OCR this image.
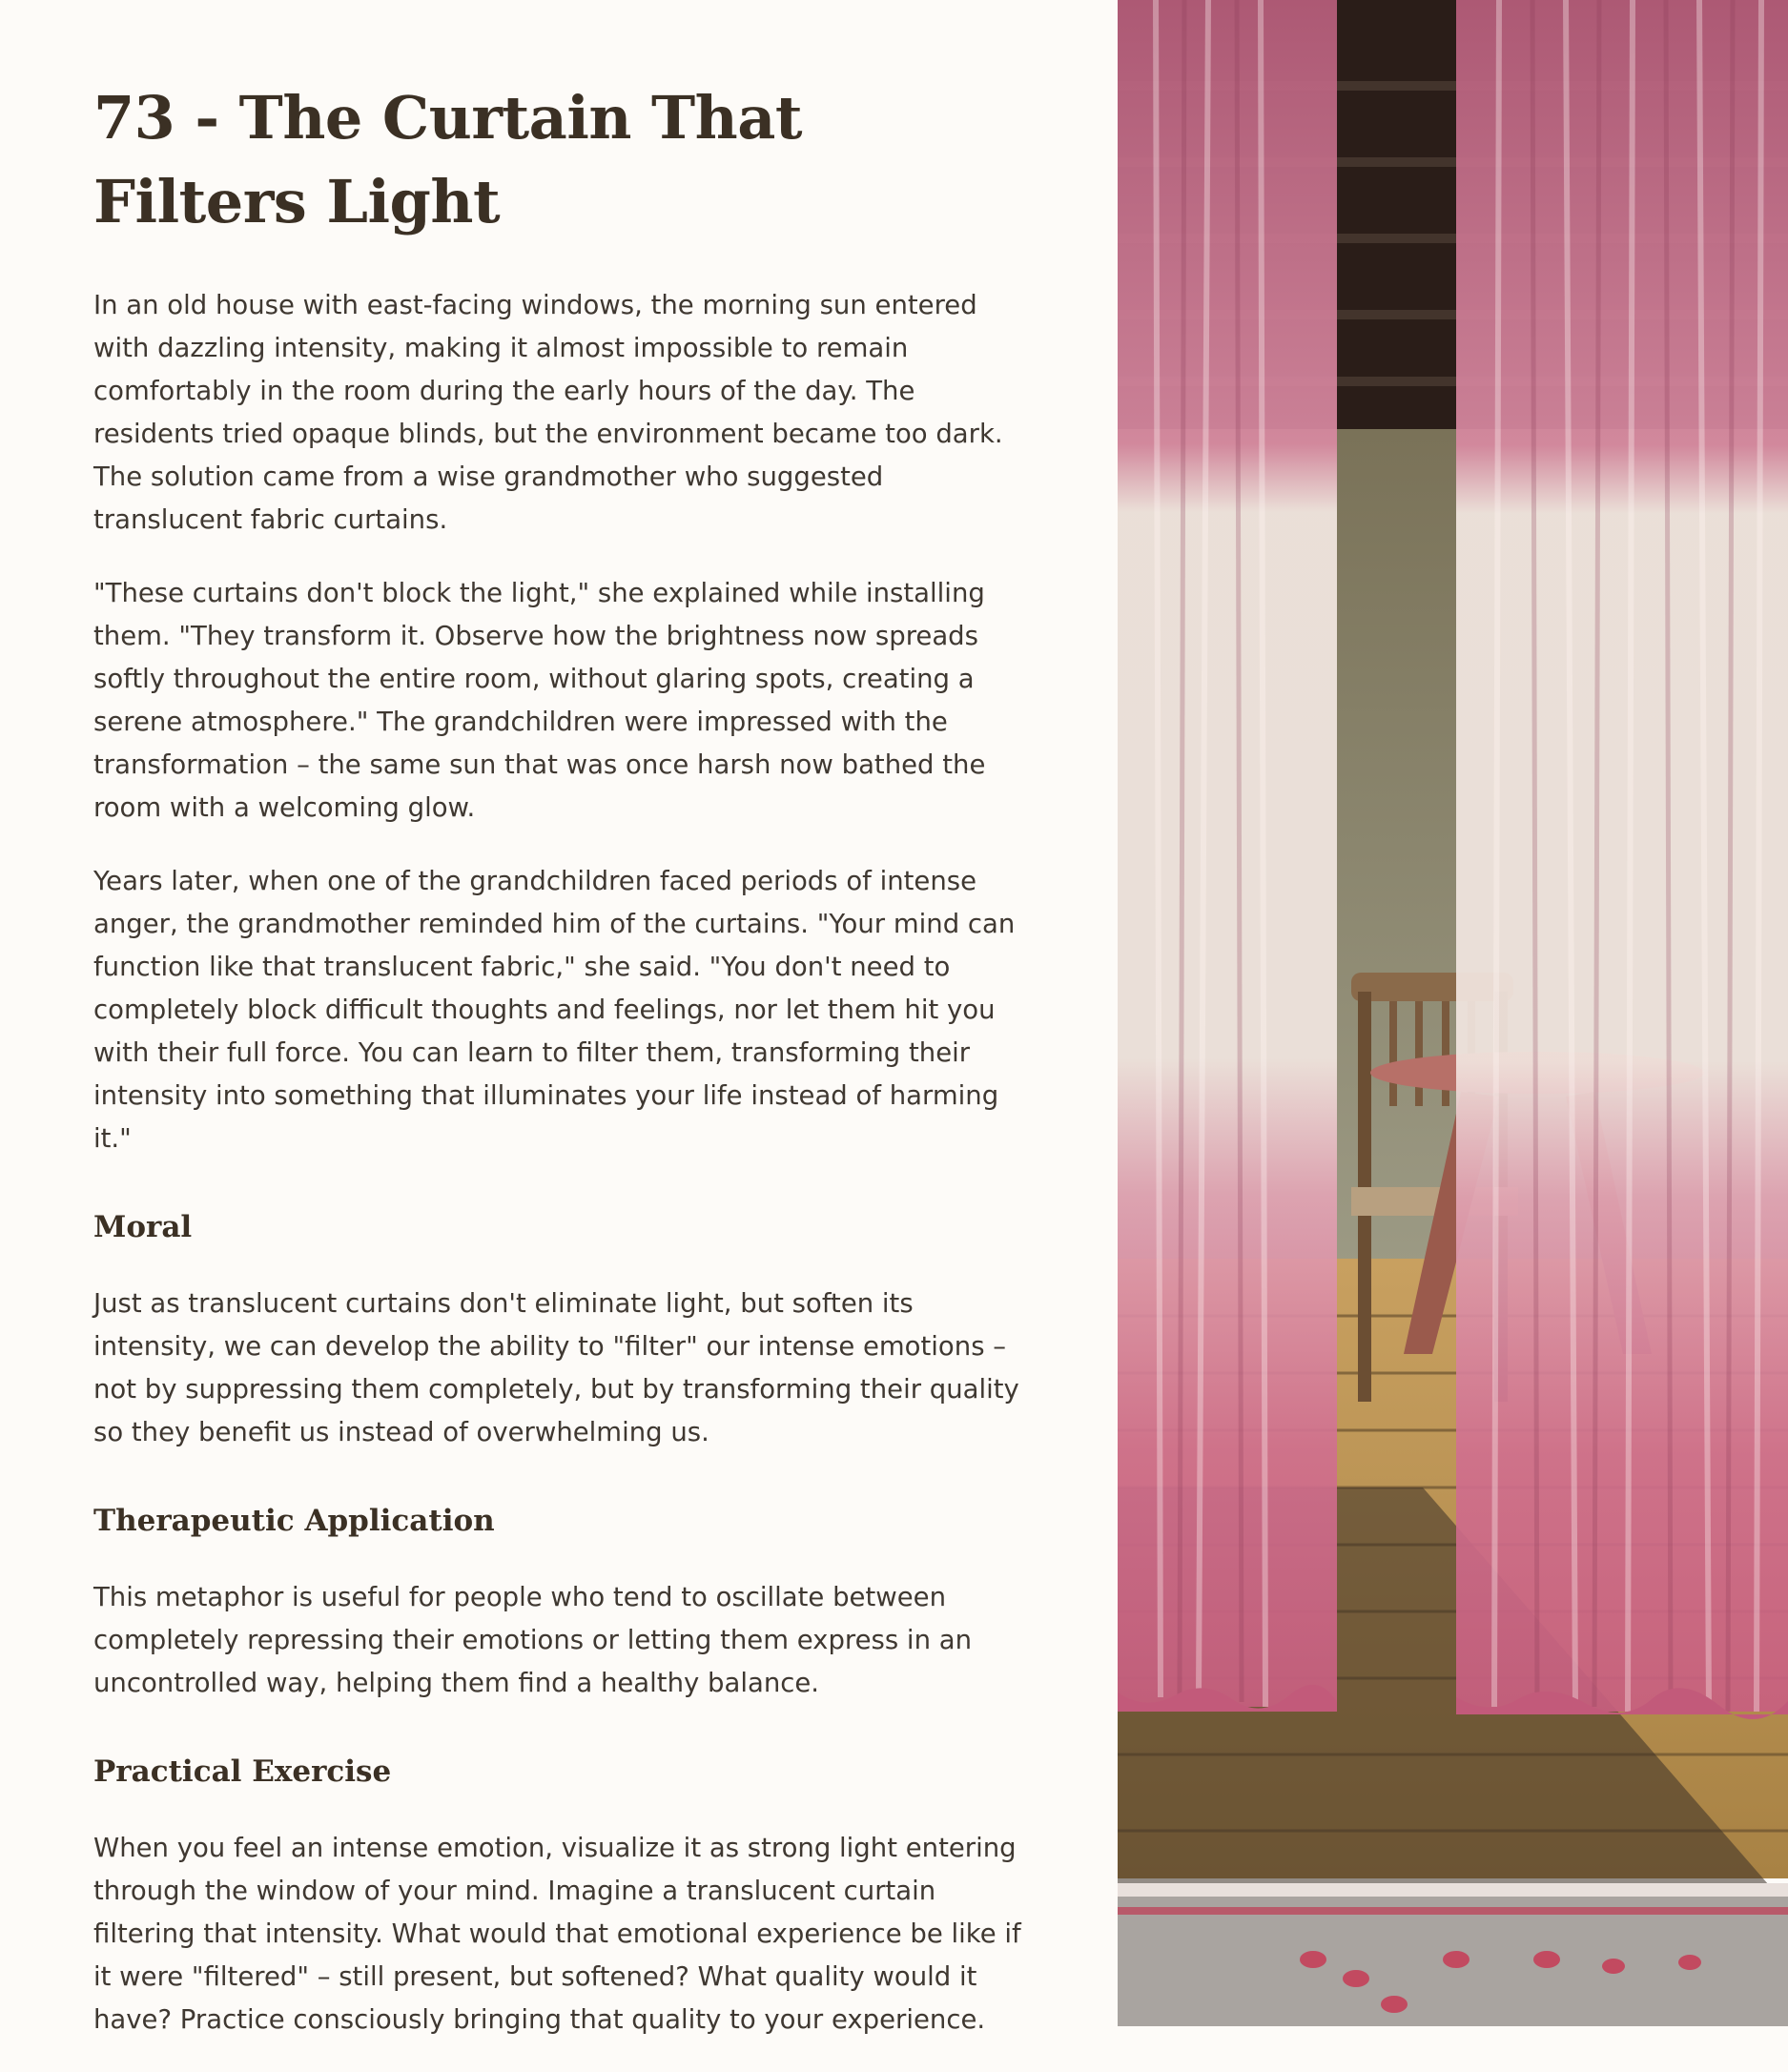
73 - The Curtain That Filters Light

In an old house with east-facing windows, the morning sun entered with dazzling intensity, making it almost impossible to remain comfortably in the room during the early hours of the day. The residents tried opaque blinds, but the environment became too dark. The solution came from a wise grandmother who suggested translucent fabric curtains.

"These curtains don't block the light," she explained while installing them. "They transform it. Observe how the brightness now spreads softly throughout the entire room, without glaring spots, creating a serene atmosphere." The grandchildren were impressed with the transformation – the same sun that was once harsh now bathed the room with a welcoming glow.

Years later, when one of the grandchildren faced periods of intense anger, the grandmother reminded him of the curtains. "Your mind can function like that translucent fabric," she said. "You don't need to completely block difficult thoughts and feelings, nor let them hit you with their full force. You can learn to filter them, transforming their intensity into something that illuminates your life instead of harming it."

Moral

Just as translucent curtains don't eliminate light, but soften its intensity, we can develop the ability to "filter" our intense emotions – not by suppressing them completely, but by transforming their quality so they benefit us instead of overwhelming us.

Therapeutic Application

This metaphor is useful for people who tend to oscillate between completely repressing their emotions or letting them express in an uncontrolled way, helping them find a healthy balance.

Practical Exercise

When you feel an intense emotion, visualize it as strong light entering through the window of your mind. Imagine a translucent curtain filtering that intensity. What would that emotional experience be like if it were "filtered" – still present, but softened? What quality would it have? Practice consciously bringing that quality to your experience.
